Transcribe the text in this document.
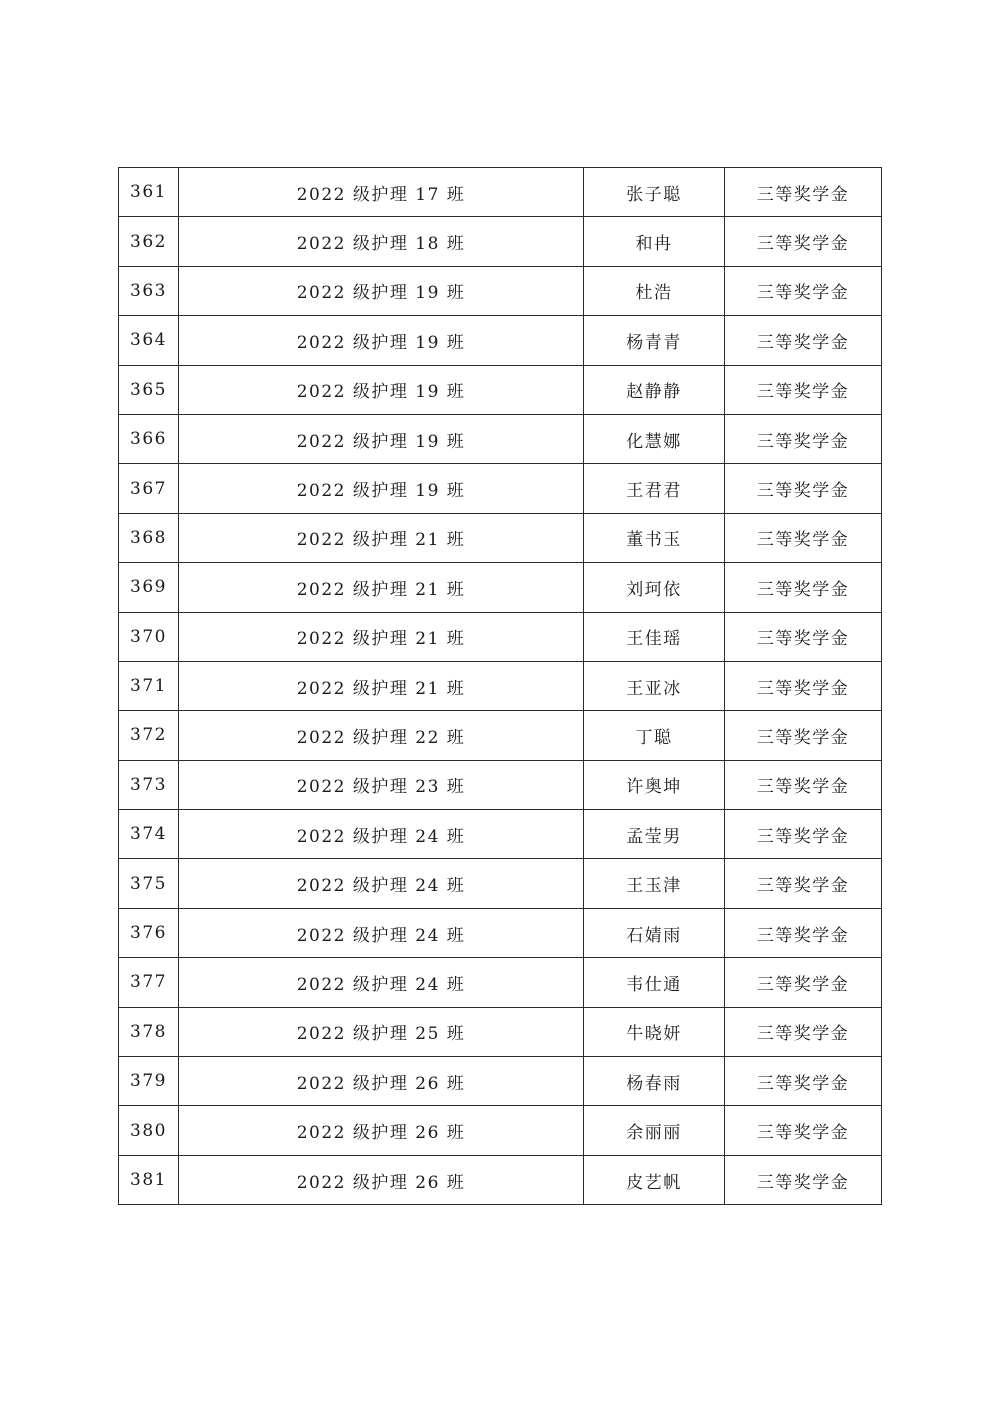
361	2022 级护理 17 班	张子聪	三等奖学金
362	2022 级护理 18 班	和冉	三等奖学金
363	2022 级护理 19 班	杜浩	三等奖学金
364	2022 级护理 19 班	杨青青	三等奖学金
365	2022 级护理 19 班	赵静静	三等奖学金
366	2022 级护理 19 班	化慧娜	三等奖学金
367	2022 级护理 19 班	王君君	三等奖学金
368	2022 级护理 21 班	董书玉	三等奖学金
369	2022 级护理 21 班	刘珂依	三等奖学金
370	2022 级护理 21 班	王佳瑶	三等奖学金
371	2022 级护理 21 班	王亚冰	三等奖学金
372	2022 级护理 22 班	丁聪	三等奖学金
373	2022 级护理 23 班	许奥坤	三等奖学金
374	2022 级护理 24 班	孟莹男	三等奖学金
375	2022 级护理 24 班	王玉津	三等奖学金
376	2022 级护理 24 班	石婧雨	三等奖学金
377	2022 级护理 24 班	韦仕通	三等奖学金
378	2022 级护理 25 班	牛晓妍	三等奖学金
379	2022 级护理 26 班	杨春雨	三等奖学金
380	2022 级护理 26 班	余丽丽	三等奖学金
381	2022 级护理 26 班	皮艺帆	三等奖学金
